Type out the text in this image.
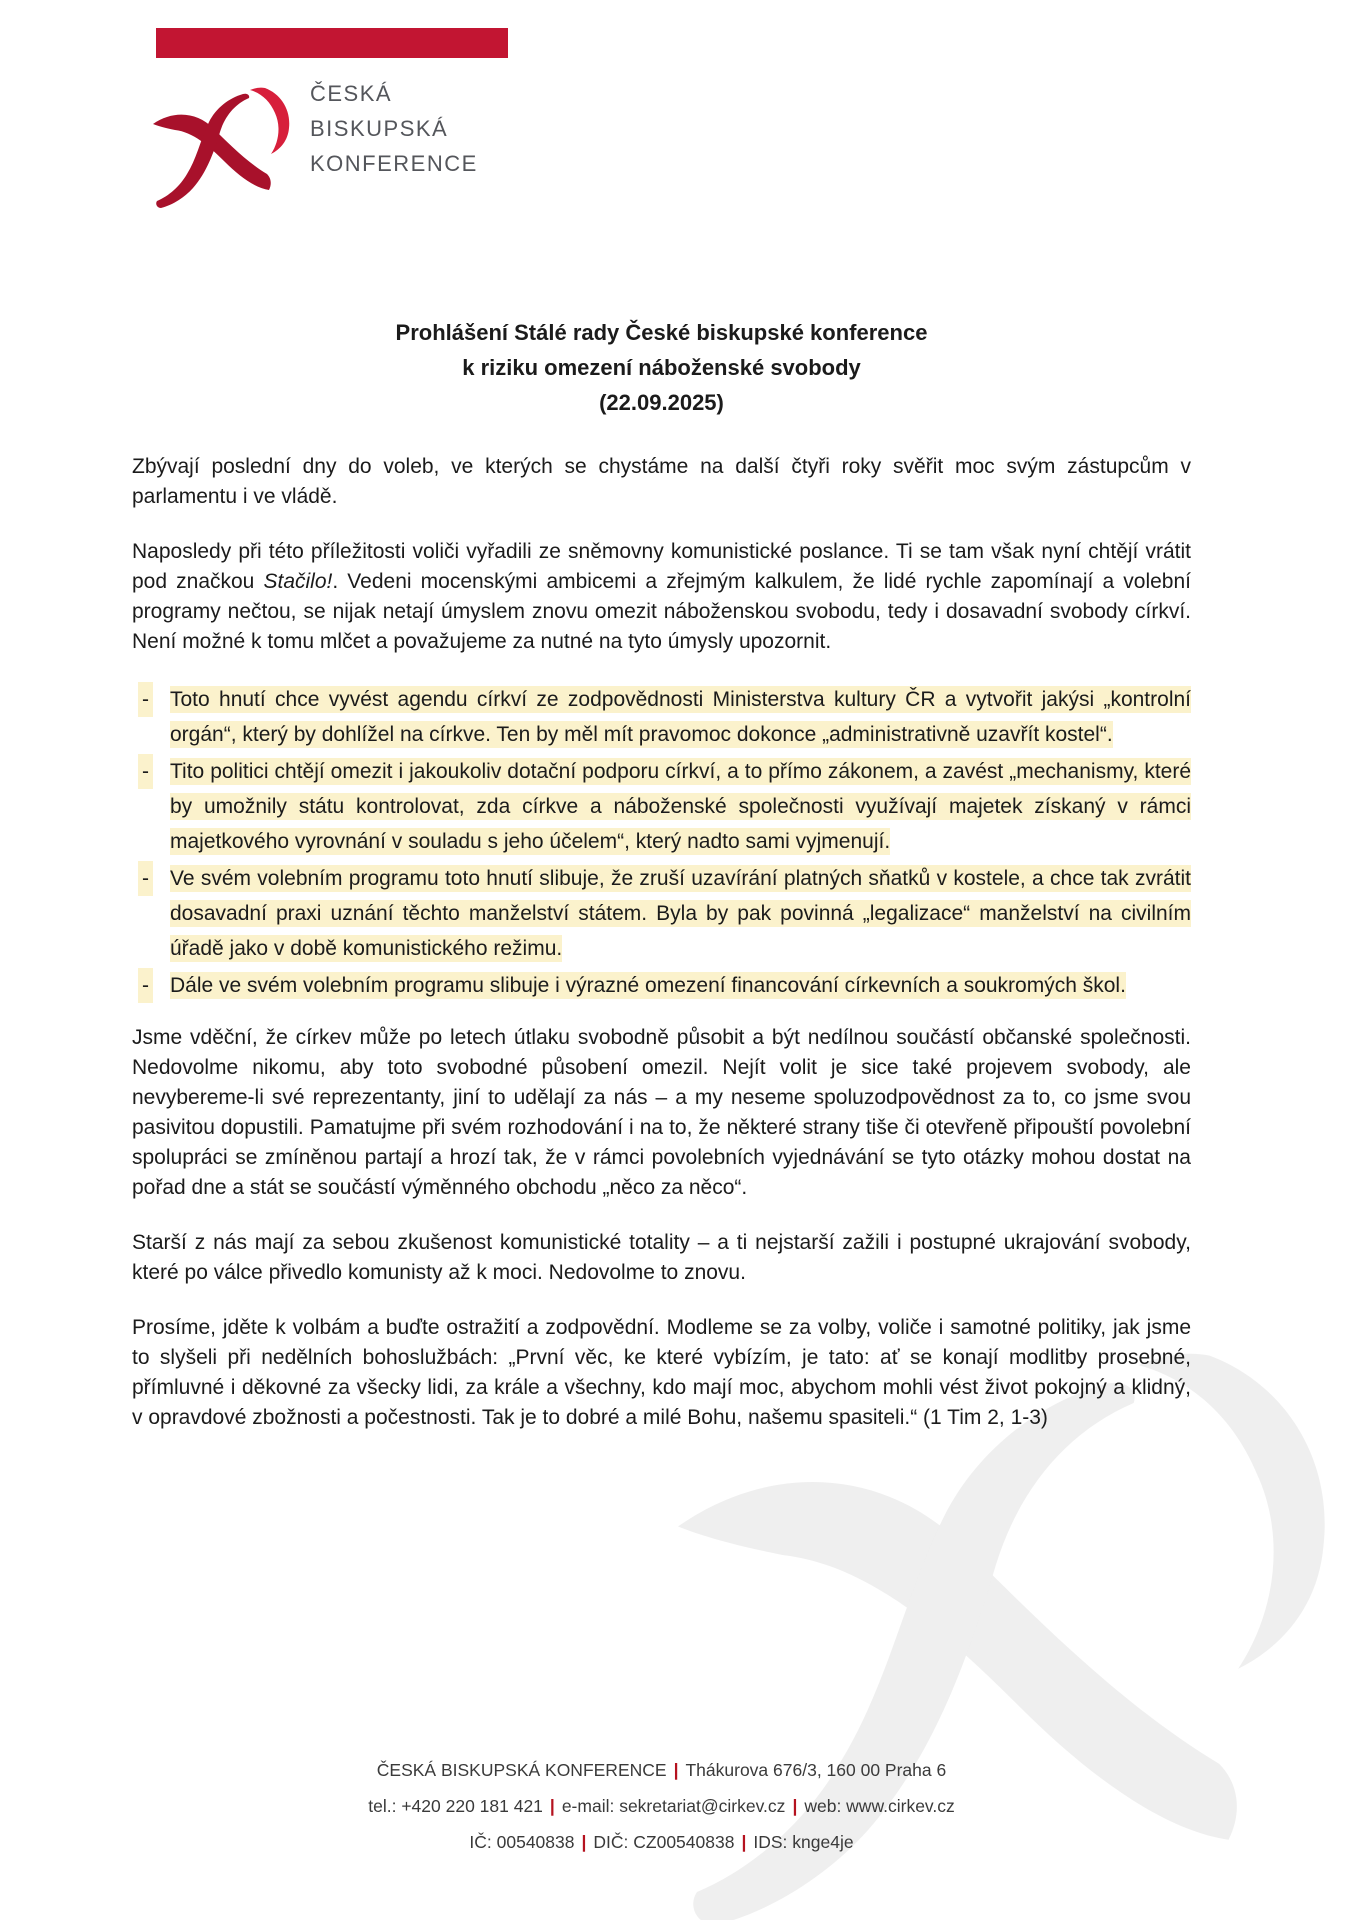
ČESKÁ
BISKUPSKÁ
KONFERENCE
Prohlášení Stálé rady České biskupské konference
k riziku omezení náboženské svobody
(22.09.2025)

Zbývají poslední dny do voleb, ve kterých se chystáme na další čtyři roky svěřit moc svým zástupcům v parlamentu i ve vládě.

Naposledy při této příležitosti voliči vyřadili ze sněmovny komunistické poslance. Ti se tam však nyní chtějí vrátit pod značkou Stačilo!. Vedeni mocenskými ambicemi a zřejmým kalkulem, že lidé rychle zapomínají a volební programy nečtou, se nijak netají úmyslem znovu omezit náboženskou svobodu, tedy i dosavadní svobody církví. Není možné k tomu mlčet a považujeme za nutné na tyto úmysly upozornit.

- Toto hnutí chce vyvést agendu církví ze zodpovědnosti Ministerstva kultury ČR a vytvořit jakýsi „kontrolní orgán“, který by dohlížel na církve. Ten by měl mít pravomoc dokonce „administrativně uzavřít kostel“.
- Tito politici chtějí omezit i jakoukoliv dotační podporu církví, a to přímo zákonem, a zavést „mechanismy, které by umožnily státu kontrolovat, zda církve a náboženské společnosti využívají majetek získaný v rámci majetkového vyrovnání v souladu s jeho účelem“, který nadto sami vyjmenují.
- Ve svém volebním programu toto hnutí slibuje, že zruší uzavírání platných sňatků v kostele, a chce tak zvrátit dosavadní praxi uznání těchto manželství státem. Byla by pak povinná „legalizace“ manželství na civilním úřadě jako v době komunistického režimu.
- Dále ve svém volebním programu slibuje i výrazné omezení financování církevních a soukromých škol.

Jsme vděční, že církev může po letech útlaku svobodně působit a být nedílnou součástí občanské společnosti. Nedovolme nikomu, aby toto svobodné působení omezil. Nejít volit je sice také projevem svobody, ale nevybereme-li své reprezentanty, jiní to udělají za nás – a my neseme spoluzodpovědnost za to, co jsme svou pasivitou dopustili. Pamatujme při svém rozhodování i na to, že některé strany tiše či otevřeně připouští povolební spolupráci se zmíněnou partají a hrozí tak, že v rámci povolebních vyjednávání se tyto otázky mohou dostat na pořad dne a stát se součástí výměnného obchodu „něco za něco“.

Starší z nás mají za sebou zkušenost komunistické totality – a ti nejstarší zažili i postupné ukrajování svobody, které po válce přivedlo komunisty až k moci. Nedovolme to znovu.

Prosíme, jděte k volbám a buďte ostražití a zodpovědní. Modleme se za volby, voliče i samotné politiky, jak jsme to slyšeli při nedělních bohoslužbách: „První věc, ke které vybízím, je tato: ať se konají modlitby prosebné, přímluvné i děkovné za všecky lidi, za krále a všechny, kdo mají moc, abychom mohli vést život pokojný a klidný, v opravdové zbožnosti a počestnosti. Tak je to dobré a milé Bohu, našemu spasiteli.“ (1 Tim 2, 1-3)

ČESKÁ BISKUPSKÁ KONFERENCE | Thákurova 676/3, 160 00 Praha 6
tel.: +420 220 181 421 | e-mail: sekretariat@cirkev.cz | web: www.cirkev.cz
IČ: 00540838 | DIČ: CZ00540838 | IDS: knge4je
